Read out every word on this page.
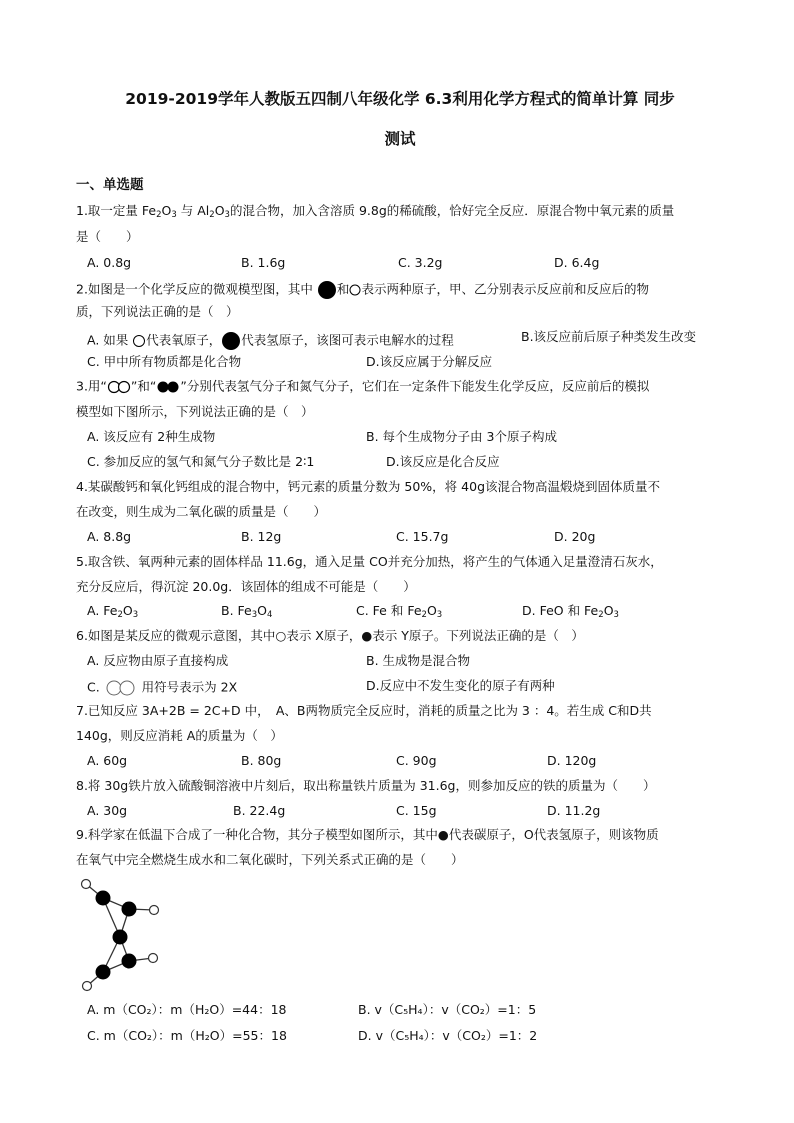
2019-2019学年人教版五四制八年级化学 6.3利用化学方程式的简单计算 同步
测试
一、单选题
1.取一定量 $Fe_2O_3$ 与 $Al_2O_3$的混合物，加入含溶质 9.8g的稀硫酸，恰好完全反应．原混合物中氧元素的质量
是（　　）
A. 0.8g	B. 1.6g	C. 3.2g	D. 6.4g
2.如图是一个化学反应的微观模型图，其中 和 表示两种原子，甲、乙分别表示反应前和反应后的物
质，下列说法正确的是（　）
A. 如果 代表氧原子， 代表氢原子，该图可表示电解水的过程	B.该反应前后原子种类发生改变
C. 甲中所有物质都是化合物	D.该反应属于分解反应
3.用“ ”和“ ”分别代表氢气分子和氮气分子，它们在一定条件下能发生化学反应，反应前后的模拟
模型如下图所示，下列说法正确的是（　）
A. 该反应有 2种生成物	B. 每个生成物分子由 3个原子构成
C. 参加反应的氢气和氮气分子数比是 2∶1	D.该反应是化合反应
4.某碳酸钙和氧化钙组成的混合物中，钙元素的质量分数为 50%，将 40g该混合物高温煅烧到固体质量不
在改变，则生成为二氧化碳的质量是（　　）
A. 8.8g	B. 12g	C. 15.7g	D. 20g
5.取含铁、氧两种元素的固体样品 11.6g，通入足量 CO并充分加热，将产生的气体通入足量澄清石灰水，
充分反应后，得沉淀 20.0g．该固体的组成不可能是（　　）
A. $Fe_2O_3$	B. $Fe_3O_4$	C. Fe 和 $Fe_2O_3$	D. FeO 和 $Fe_2O_3$
6.如图是某反应的微观示意图，其中○表示 X原子，●表示 Y原子。下列说法正确的是（　）
A. 反应物由原子直接构成	B. 生成物是混合物
C.	用符号表示为 2X	D.反应中不发生变化的原子有两种
7.已知反应 3A+2B = 2C+D 中，　A、B两物质完全反应时，消耗的质量之比为 3 ：4。若生成 C和D共
140g，则反应消耗 A的质量为（　）
A. 60g	B. 80g	C. 90g	D. 120g
8.将 30g铁片放入硫酸铜溶液中片刻后，取出称量铁片质量为 31.6g，则参加反应的铁的质量为（　　）
A. 30g	B. 22.4g	C. 15g	D. 11.2g
9.科学家在低温下合成了一种化合物，其分子模型如图所示，其中●代表碳原子，O代表氢原子，则该物质
在氧气中完全燃烧生成水和二氧化碳时，下列关系式正确的是（　　）
A. m（CO₂）：m（H₂O）=44：18	B. v（C₅H₄）：v（CO₂）=1：5
C. m（CO₂）：m（H₂O）=55：18	D. v（C₅H₄）：v（CO₂）=1：2
